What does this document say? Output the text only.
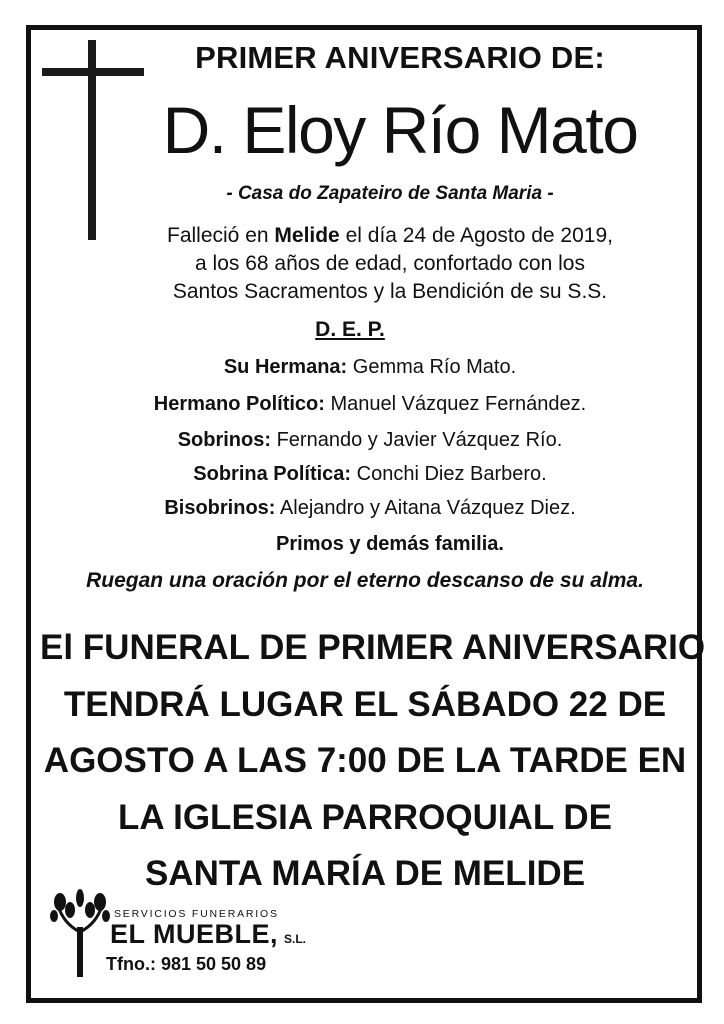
PRIMER ANIVERSARIO DE:
D. Eloy Río Mato
- Casa do Zapateiro de Santa Maria -
Falleció en Melide el día 24 de Agosto de 2019,
a los 68 años de edad, confortado con los
Santos Sacramentos y la Bendición de su S.S.
D. E. P.
Su Hermana: Gemma Río Mato.
Hermano Político: Manuel Vázquez Fernández.
Sobrinos: Fernando y Javier Vázquez Río.
Sobrina Política: Conchi Diez Barbero.
Bisobrinos: Alejandro y Aitana Vázquez Diez.
Primos y demás familia.
Ruegan una oración por el eterno descanso de su alma.
El FUNERAL DE PRIMER ANIVERSARIO
TENDRÁ LUGAR EL SÁBADO 22 DE
AGOSTO A LAS 7:00 DE LA TARDE EN
LA IGLESIA PARROQUIAL DE
SANTA MARÍA DE MELIDE
SERVICIOS FUNERARIOS
EL MUEBLE, S.L.
Tfno.: 981 50 50 89
